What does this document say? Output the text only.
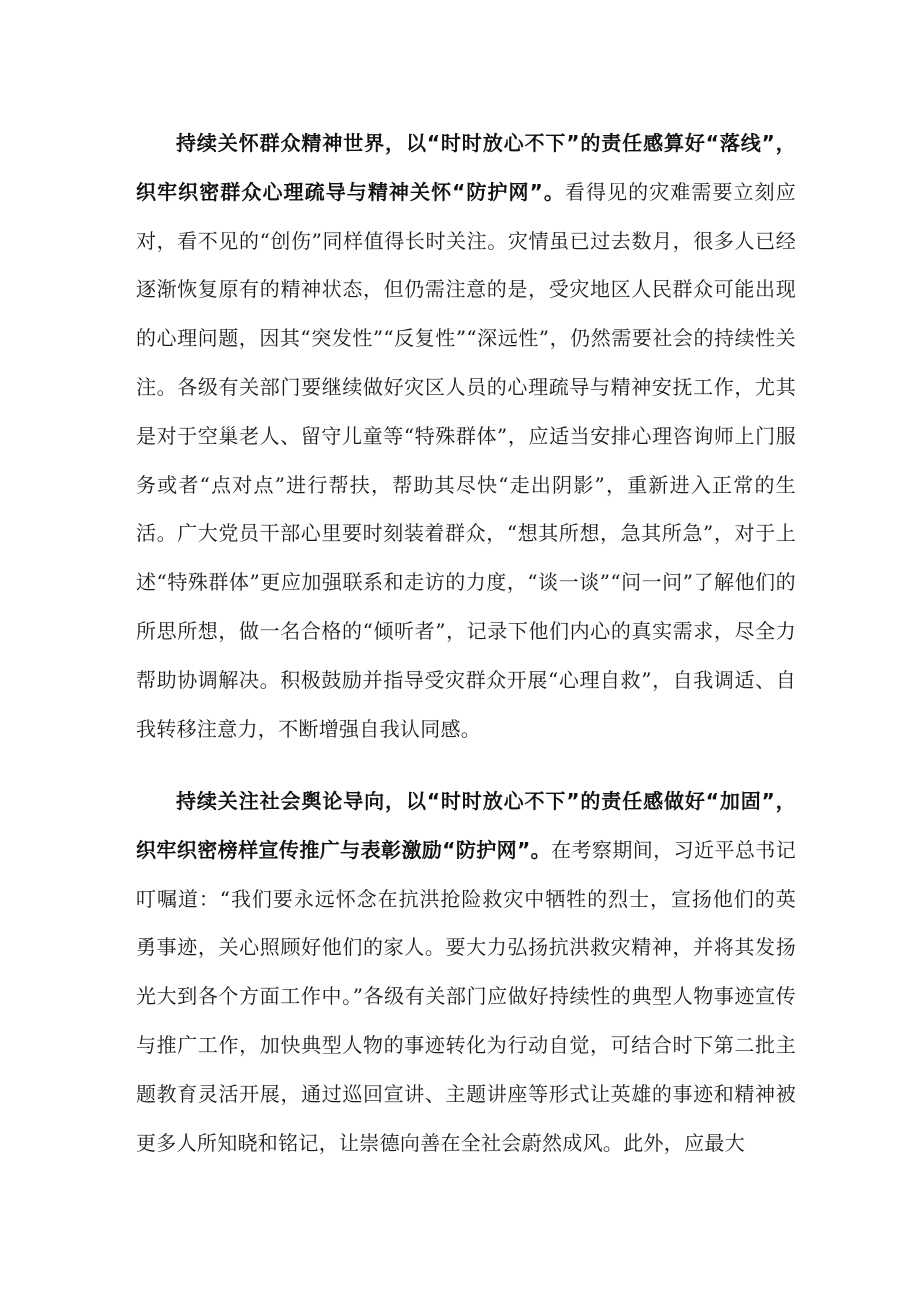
持续关怀群众精神世界，以“时时放心不下”的责任感算好“落线”，织牢织密群众心理疏导与精神关怀“防护网”。看得见的灾难需要立刻应对，看不见的“创伤”同样值得长时关注。灾情虽已过去数月，很多人已经逐渐恢复原有的精神状态，但仍需注意的是，受灾地区人民群众可能出现的心理问题，因其“突发性”“反复性”“深远性”，仍然需要社会的持续性关注。各级有关部门要继续做好灾区人员的心理疏导与精神安抚工作，尤其是对于空巢老人、留守儿童等“特殊群体”，应适当安排心理咨询师上门服务或者“点对点”进行帮扶，帮助其尽快“走出阴影”，重新进入正常的生活。广大党员干部心里要时刻装着群众，“想其所想，急其所急”，对于上述“特殊群体”更应加强联系和走访的力度，“谈一谈”“问一问”了解他们的所思所想，做一名合格的“倾听者”，记录下他们内心的真实需求，尽全力帮助协调解决。积极鼓励并指导受灾群众开展“心理自救”，自我调适、自我转移注意力，不断增强自我认同感。

持续关注社会舆论导向，以“时时放心不下”的责任感做好“加固”，织牢织密榜样宣传推广与表彰激励“防护网”。在考察期间，习近平总书记叮嘱道：“我们要永远怀念在抗洪抢险救灾中牺牲的烈士，宣扬他们的英勇事迹，关心照顾好他们的家人。要大力弘扬抗洪救灾精神，并将其发扬光大到各个方面工作中。”各级有关部门应做好持续性的典型人物事迹宣传与推广工作，加快典型人物的事迹转化为行动自觉，可结合时下第二批主题教育灵活开展，通过巡回宣讲、主题讲座等形式让英雄的事迹和精神被更多人所知晓和铭记，让崇德向善在全社会蔚然成风。此外，应最大
